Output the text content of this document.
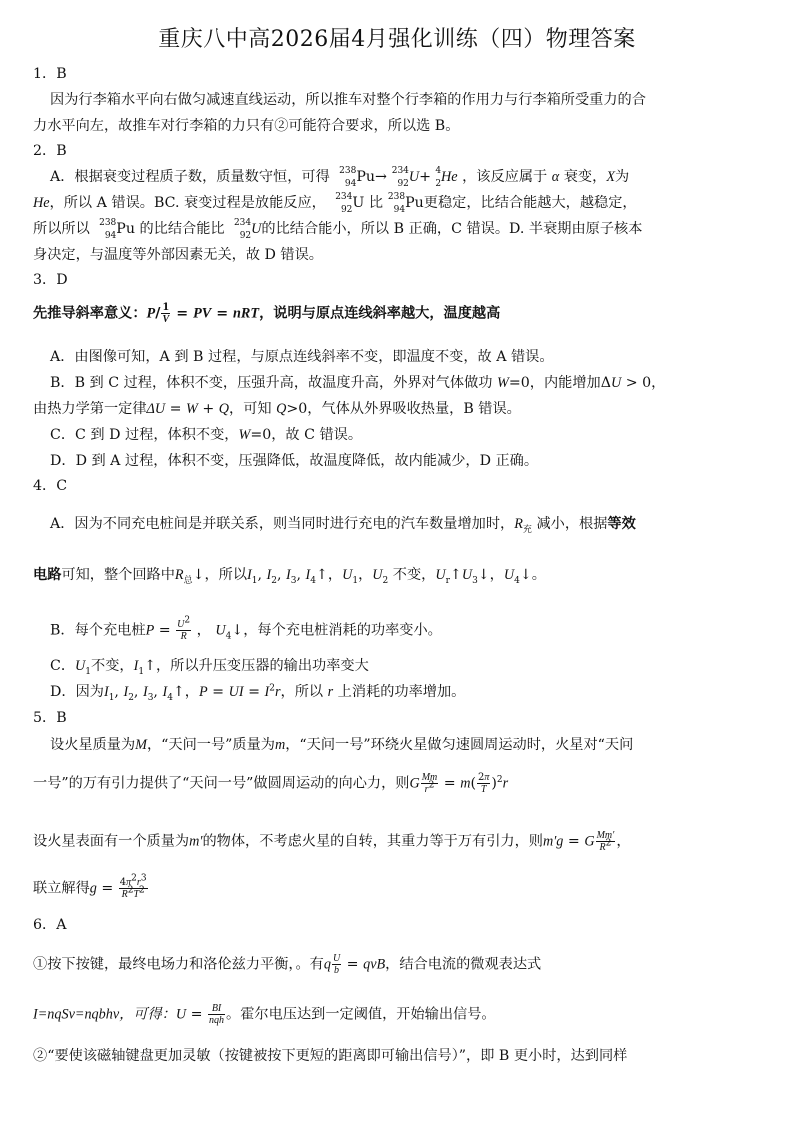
重庆八中高2026届4月强化训练（四）物理答案
1．B
因为行李箱水平向右做匀减速直线运动，所以推车对整个行李箱的作用力与行李箱所受重力的合
力水平向左，故推车对行李箱的力只有②可能符合要求，所以选 B。
2．B
A．根据衰变过程质子数，质量数守恒，可得 238
94 Pu→ 234
92 U+ 4
2 He ，该反应属于 α 衰变，X为
He，所以 A 错误。BC. 衰变过程是放能反应， 234
92 U 比 238
94 Pu更稳定，比结合能越大，越稳定，
所以所以 238
94 Pu 的比结合能比 234
92 U的比结合能小，所以 B 正确，C 错误。D. 半衰期由原子核本
身决定，与温度等外部因素无关，故 D 错误。
3．D
先推导斜率意义：$P/ \frac{1}{V}$ = PV = nRT，说明与原点连线斜率越大，温度越高
A．由图像可知，A 到 B 过程，与原点连线斜率不变，即温度不变，故 A 错误。
B．B 到 C 过程，体积不变，压强升高，故温度升高，外界对气体做功 W=0，内能增加ΔU > 0，
由热力学第一定律ΔU = W + Q，可知 Q>0，气体从外界吸收热量，B 错误。
C．C 到 D 过程，体积不变，W=0，故 C 错误。
D．D 到 A 过程，体积不变，压强降低，故温度降低，故内能减少，D 正确。
4．C
A．因为不同充电桩间是并联关系，则当同时进行充电的汽车数量增加时，$R_充$ 减小，根据等效
电路可知，整个回路中$R_总↓$，所以$I_1$, $I_2$, $I_3$, $I_4↑$，$U_1$，$U_2$ 不变，$U_r↑U_3↓$，$U_4↓$。
B．每个充电桩$P = \frac{U^2}{R}$ ， $U_4↓$，每个充电桩消耗的功率变小。
C．$U_1$不变，$I_1↑$，所以升压变压器的输出功率变大
D．因为$I_1$, $I_2$, $I_3$, $I_4↑$，P = UI = $I^2r$，所以 r 上消耗的功率增加。
5．B
设火星质量为M，“天问一号”质量为m，“天问一号”环绕火星做匀速圆周运动时，火星对“天问
一号”的万有引力提供了“天问一号”做圆周运动的向心力，则G $\frac{Mm}{r^2} = m( \frac{2\pi}{T} )^2r$
设火星表面有一个质量为m′的物体，不考虑火星的自转，其重力等于万有引力，则m′g = G $\frac{Mm'}{R^2}$ ，
联立解得$g = \frac{4\pi^2r^3}{R^2T^2}$
6．A
①按下按键，最终电场力和洛伦兹力平衡，。有q $\frac{U}{b}$ = qvB，结合电流的微观表达式
I=nqSv=nqbhv，可得：$U = \frac{BI}{\text{nqh}}$ 。霍尔电压达到一定阈值，开始输出信号。
②“要使该磁轴键盘更加灵敏（按键被按下更短的距离即可输出信号）”，即 B 更小时，达到同样
